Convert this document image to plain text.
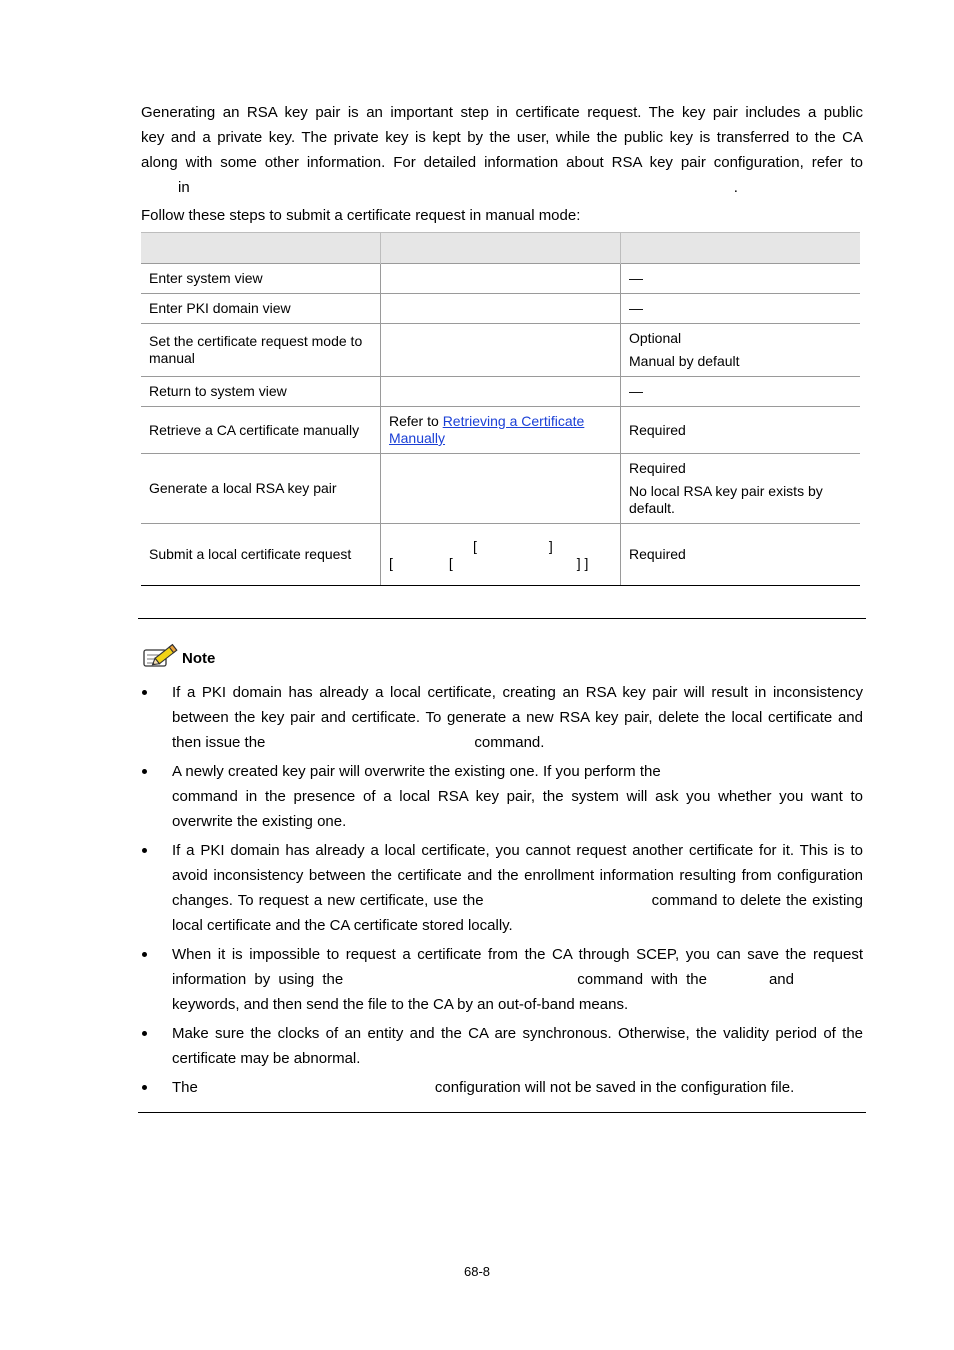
Generating an RSA key pair is an important step in certificate request. The key pair includes a public
key and a private key. The private key is kept by the user, while the public key is transferred to the CA
along with some other information. For detailed information about RSA key pair configuration, refer to
in	.
Follow these steps to submit a certificate request in manual mode:

Enter system view		—
Enter PKI domain view		—
Set the certificate request mode to manual		Optional
Manual by default

Return to system view		—
Retrieve a CA certificate manually	Refer to Retrieving a Certificate Manually	Required
Generate a local RSA key pair		Required
No local RSA key pair exists by default.

Submit a local certificate request	[ ]
[ [ ] ]	Required
Note
If a PKI domain has already a local certificate, creating an RSA key pair will result in inconsistency between the key pair and certificate. To generate a new RSA key pair, delete the local certificate and then issue the	command.
A newly created key pair will overwrite the existing one. If you perform the command in the presence of a local RSA key pair, the system will ask you whether you want to overwrite the existing one.
If a PKI domain has already a local certificate, you cannot request another certificate for it. This is to avoid inconsistency between the certificate and the enrollment information resulting from configuration changes. To request a new certificate, use the	command to delete the existing local certificate and the CA certificate stored locally.
When it is impossible to request a certificate from the CA through SCEP, you can save the request information by using the	command with the	andkeywords, and then send the file to the CA by an out-of-band means.
Make sure the clocks of an entity and the CA are synchronous. Otherwise, the validity period of the certificate may be abnormal.
The	configuration will not be saved in the configuration file.
68-8
